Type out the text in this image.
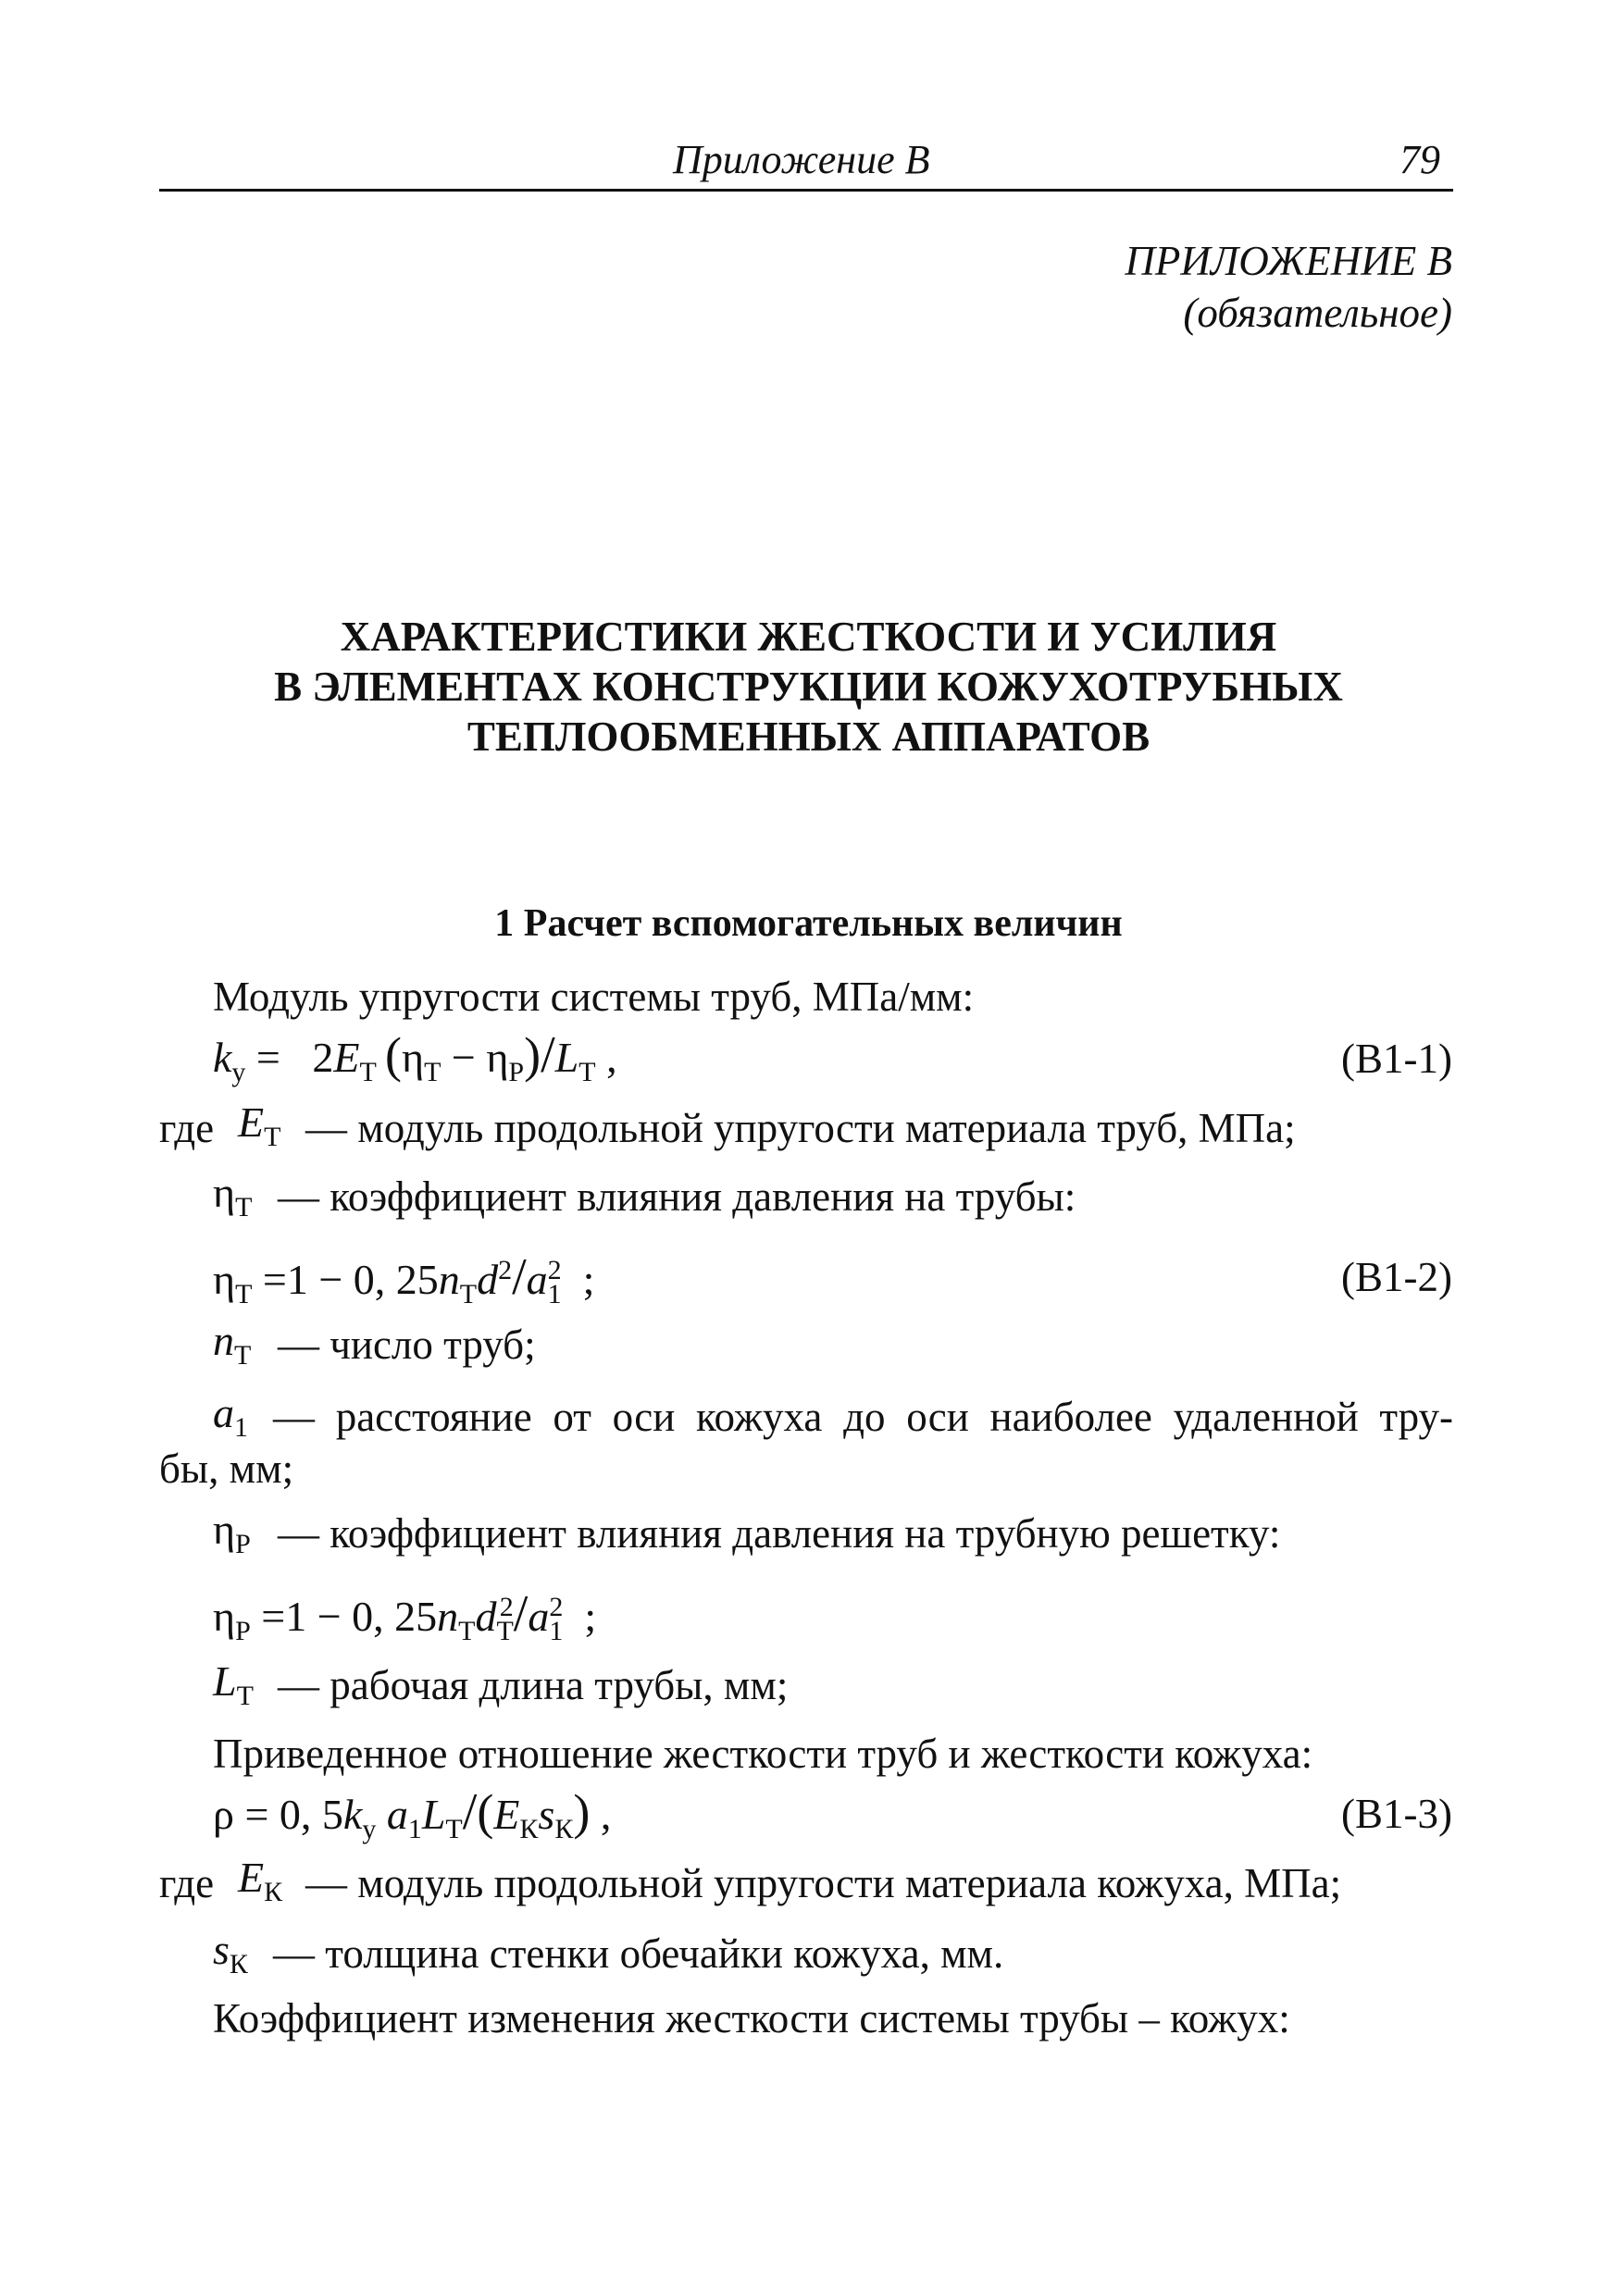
Приложение В	79
ПРИЛОЖЕНИЕ В
(обязательное)
ХАРАКТЕРИСТИКИ ЖЕСТКОСТИ И УСИЛИЯ
В ЭЛЕМЕНТАХ КОНСТРУКЦИИ КОЖУХОТРУБНЫХ
ТЕПЛООБМЕННЫХ АППАРАТОВ
1 Расчет вспомогательных величин
Модуль упругости системы труб, МПа/мм:
$k_у = 2E_Т$  $(\eta_Т - \eta_Р)/L_Т$ ,	(В1-1)
где $E_Т$ — модуль продольной упругости материала труб, МПа;
$\eta_Т$ — коэффициент влияния давления на трубы:
$\eta_Т =1 - 0$, $25n_Тd^2/a_1^2$  ;	(В1-2)
$n_Т$ — число труб;
$a_1$ — расстояние от оси кожуха до оси наиболее удаленной тру-
бы, мм;
$\eta_Р$ — коэффициент влияния давления на трубную решетку:
$\eta_Р =1 - 0$, $25n_Тd_Т^2/a_1^2$  ;
$L_Т$ — рабочая длина трубы, мм;
Приведенное отношение жесткости труб и жесткости кожуха:
ρ = 0, $5k_у$ $a_1L_Т/(E_Кs_К)$ ,	(В1-3)
где $E_К$ — модуль продольной упругости материала кожуха, МПа;
$s_К$ — толщина стенки обечайки кожуха, мм.
Коэффициент изменения жесткости системы трубы – кожух:
